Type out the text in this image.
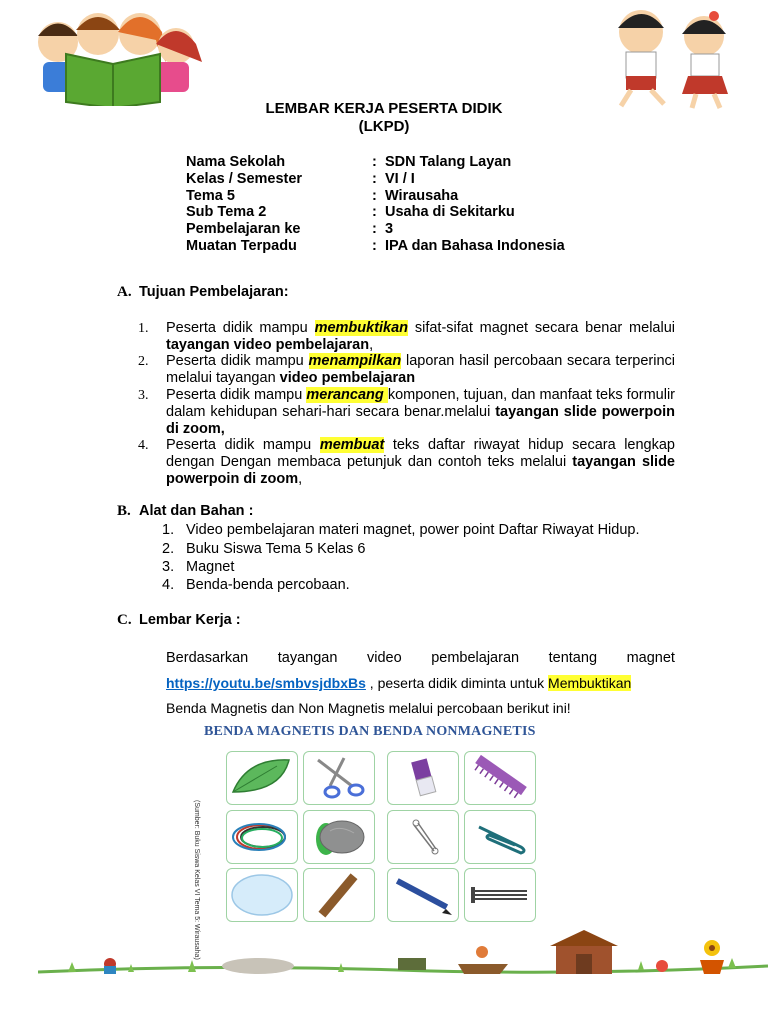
LEMBAR KERJA PESERTA DIDIK
(LKPD)
Nama Sekolah	: SDN Talang Layan
Kelas / Semester	: VI / I
Tema 5	: Wirausaha
Sub Tema 2	: Usaha di Sekitarku
Pembelajaran ke	: 3
Muatan Terpadu	: IPA dan Bahasa Indonesia
A. Tujuan Pembelajaran:
1. Peserta didik mampu membuktikan sifat-sifat magnet secara benar melalui tayangan video pembelajaran,
2. Peserta didik mampu menampilkan laporan hasil percobaan secara terperinci melalui tayangan video pembelajaran
3. Peserta didik mampu merancang komponen, tujuan, dan manfaat teks formulir dalam kehidupan sehari-hari secara benar.melalui tayangan slide powerpoin di zoom,
4. Peserta didik mampu membuat teks daftar riwayat hidup secara lengkap dengan Dengan membaca petunjuk dan contoh teks melalui tayangan slide powerpoin di zoom,
B. Alat dan Bahan :
1. Video pembelajaran materi magnet, power point Daftar Riwayat Hidup.
2. Buku Siswa Tema 5 Kelas 6
3. Magnet
4. Benda-benda percobaan.
C. Lembar Kerja :
Berdasarkan tayangan video pembelajaran tentang magnet
https://youtu.be/smbvsjdbxBs , peserta didik diminta untuk Membuktikan
Benda Magnetis dan Non Magnetis melalui percobaan berikut ini!
BENDA MAGNETIS DAN BENDA NONMAGNETIS
(Sumber: Buku Siswa Kelas VI Tema 5: Wirausaha)
